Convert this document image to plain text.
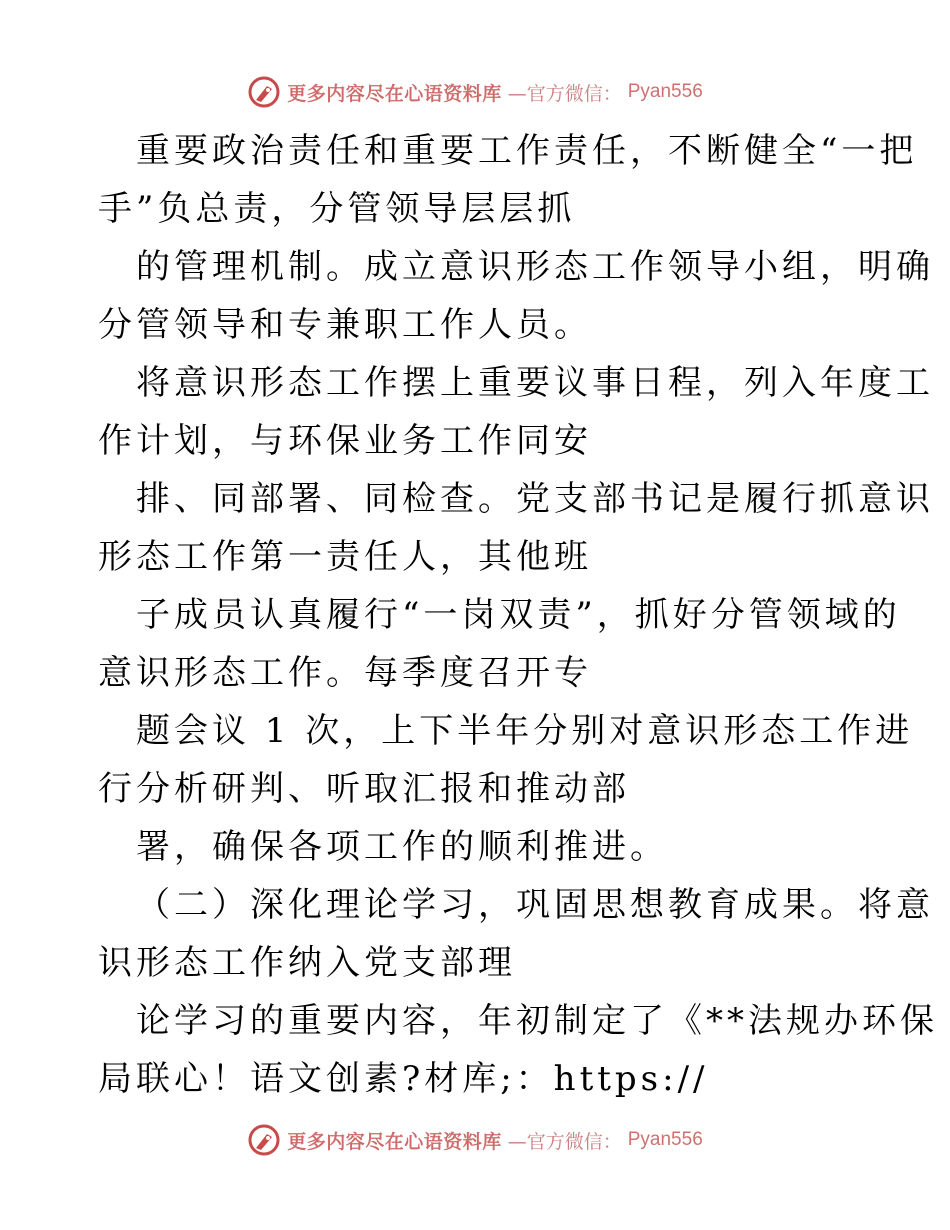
更多内容尽在心语资料库 —官方微信： Pyan556
重要政治责任和重要工作责任，不断健全“一把
手”负总责，分管领导层层抓
的管理机制。成立意识形态工作领导小组，明确
分管领导和专兼职工作人员。
将意识形态工作摆上重要议事日程，列入年度工
作计划，与环保业务工作同安
排、同部署、同检查。党支部书记是履行抓意识
形态工作第一责任人，其他班
子成员认真履行“一岗双责”，抓好分管领域的
意识形态工作。每季度召开专
题会议 1 次，上下半年分别对意识形态工作进
行分析研判、听取汇报和推动部
署，确保各项工作的顺利推进。
（二）深化理论学习，巩固思想教育成果。将意
识形态工作纳入党支部理
论学习的重要内容，年初制定了《**法规办环保
局联心！语文创素?材库;：https://
更多内容尽在心语资料库 —官方微信： Pyan556
